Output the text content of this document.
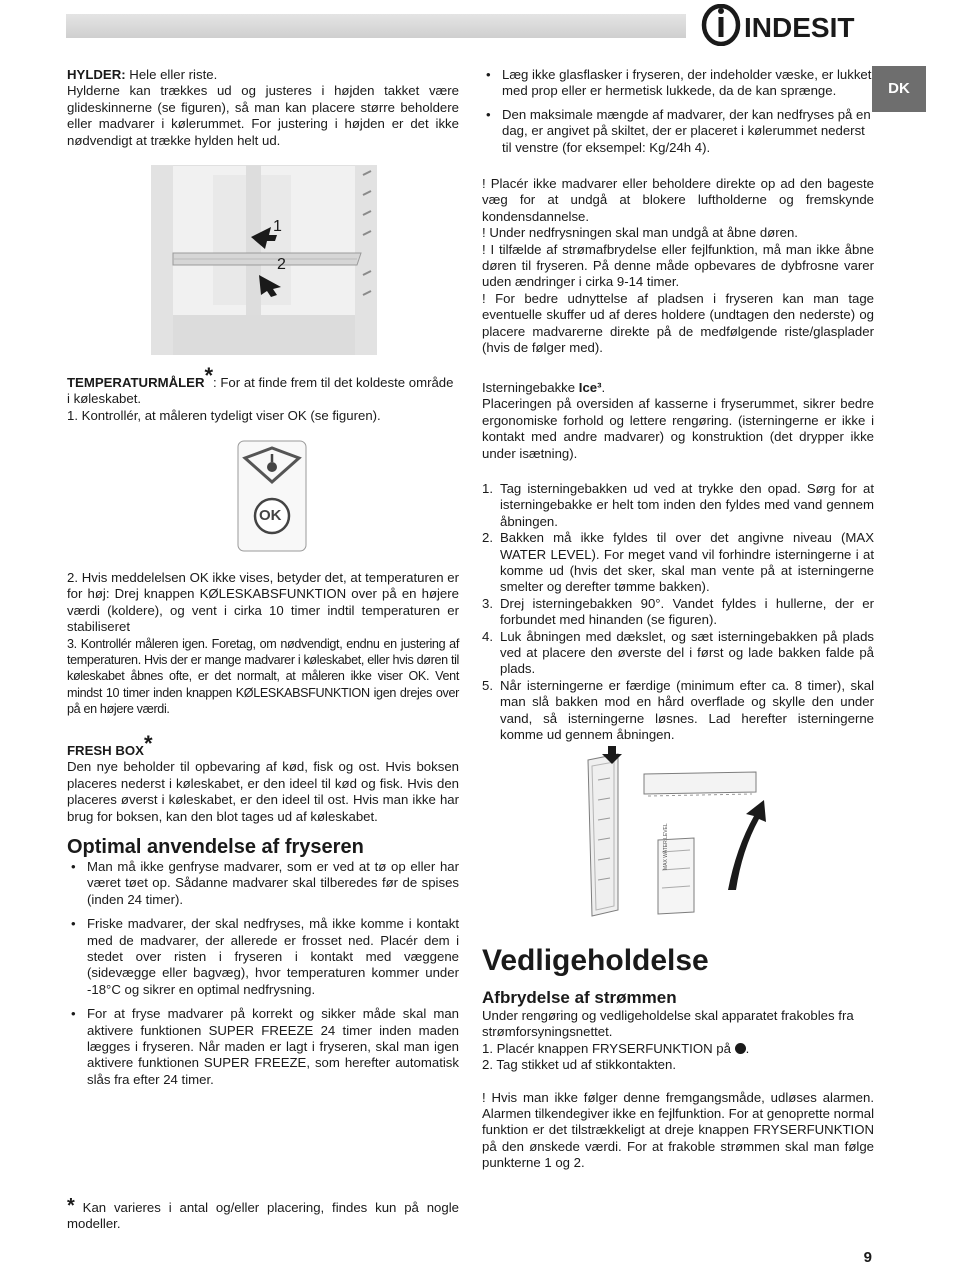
INDESIT
DK

HYLDER: Hele eller riste.

Hylderne kan trækkes ud og justeres i højden takket være glideskinnerne (se figuren), så man kan placere større beholdere eller madvarer i kølerummet. For justering i højden er det ikke nødvendigt at trække hylden helt ud.

1
2

TEMPERATURMÅLER*: For at finde frem til det koldeste område i køleskabet.

1. Kontrollér, at måleren tydeligt viser OK (se figuren).

OK

2. Hvis meddelelsen OK ikke vises, betyder det, at temperaturen er for høj: Drej knappen KØLESKABSFUNKTION over på en højere værdi (koldere), og vent i cirka 10 timer indtil temperaturen er stabiliseret

3. Kontrollér måleren igen. Foretag, om nødvendigt, endnu en justering af temperaturen. Hvis der er mange madvarer i køleskabet, eller hvis døren til køleskabet åbnes ofte, er det normalt, at måleren ikke viser OK. Vent mindst 10 timer inden knappen KØLESKABSFUNKTION igen drejes over på en højere værdi.

FRESH BOX*

Den nye beholder til opbevaring af kød, fisk og ost. Hvis boksen placeres nederst i køleskabet, er den ideel til kød og fisk. Hvis den placeres øverst i køleskabet, er den ideel til ost. Hvis man ikke har brug for boksen, kan den blot tages ud af køleskabet.

Optimal anvendelse af fryseren

• Man må ikke genfryse madvarer, som er ved at tø op eller har været tøet op. Sådanne madvarer skal tilberedes før de spises (inden 24 timer).

• Friske madvarer, der skal nedfryses, må ikke komme i kontakt med de madvarer, der allerede er frosset ned. Placér dem i stedet over risten i fryseren i kontakt med væggene (sidevægge eller bagvæg), hvor temperaturen kommer under -18°C og sikrer en optimal nedfrysning.

• For at fryse madvarer på korrekt og sikker måde skal man aktivere funktionen SUPER FREEZE 24 timer inden maden lægges i fryseren. Når maden er lagt i fryseren, skal man igen aktivere funktionen SUPER FREEZE, som herefter automatisk slås fra efter 24 timer.

* Kan varieres i antal og/eller placering, findes kun på nogle modeller.

• Læg ikke glasflasker i fryseren, der indeholder væske, er lukket med prop eller er hermetisk lukkede, da de kan sprænge.

• Den maksimale mængde af madvarer, der kan nedfryses på en dag, er angivet på skiltet, der er placeret i kølerummet nederst til venstre (for eksempel: Kg/24h 4).

! Placér ikke madvarer eller beholdere direkte op ad den bageste væg for at undgå at blokere luftholderne og fremskynde kondensdannelse.

! Under nedfrysningen skal man undgå at åbne døren.

! I tilfælde af strømafbrydelse eller fejlfunktion, må man ikke åbne døren til fryseren. På denne måde opbevares de dybfrosne varer uden ændringer i cirka 9-14 timer.

! For bedre udnyttelse af pladsen i fryseren kan man tage eventuelle skuffer ud af deres holdere (undtagen den nederste) og placere madvarerne direkte på de medfølgende riste/glasplader (hvis de følger med).

Isterningebakke Ice³.

Placeringen på oversiden af kasserne i fryserummet, sikrer bedre ergonomiske forhold og lettere rengøring. (isterningerne er ikke i kontakt med andre madvarer) og konstruktion (det drypper ikke under isætning).

1. Tag isterningebakken ud ved at trykke den opad. Sørg for at isterningebakke er helt tom inden den fyldes med vand gennem åbningen.

2. Bakken må ikke fyldes til over det angivne niveau (MAX WATER LEVEL). For meget vand vil forhindre isterningerne i at komme ud (hvis det sker, skal man vente på at isterningerne smelter og derefter tømme bakken).

3. Drej isterningebakken 90°. Vandet fyldes i hullerne, der er forbundet med hinanden (se figuren).

4. Luk åbningen med dækslet, og sæt isterningebakken på plads ved at placere den øverste del i først og lade bakken falde på plads.

5. Når isterningerne er færdige (minimum efter ca. 8 timer), skal man slå bakken mod en hård overflade og skylle den under vand, så isterningerne løsnes. Lad herefter isterningerne komme ud gennem åbningen.

MAX WATER LEVEL

Vedligeholdelse

Afbrydelse af strømmen

Under rengøring og vedligeholdelse skal apparatet frakobles fra strømforsyningsnettet.

1. Placér knappen FRYSERFUNKTION på .

2. Tag stikket ud af stikkontakten.

! Hvis man ikke følger denne fremgangsmåde, udløses alarmen. Alarmen tilkendegiver ikke en fejlfunktion. For at genoprette normal funktion er det tilstrækkeligt at dreje knappen FRYSERFUNKTION på den ønskede værdi. For at frakoble strømmen skal man følge punkterne 1 og 2.

9
